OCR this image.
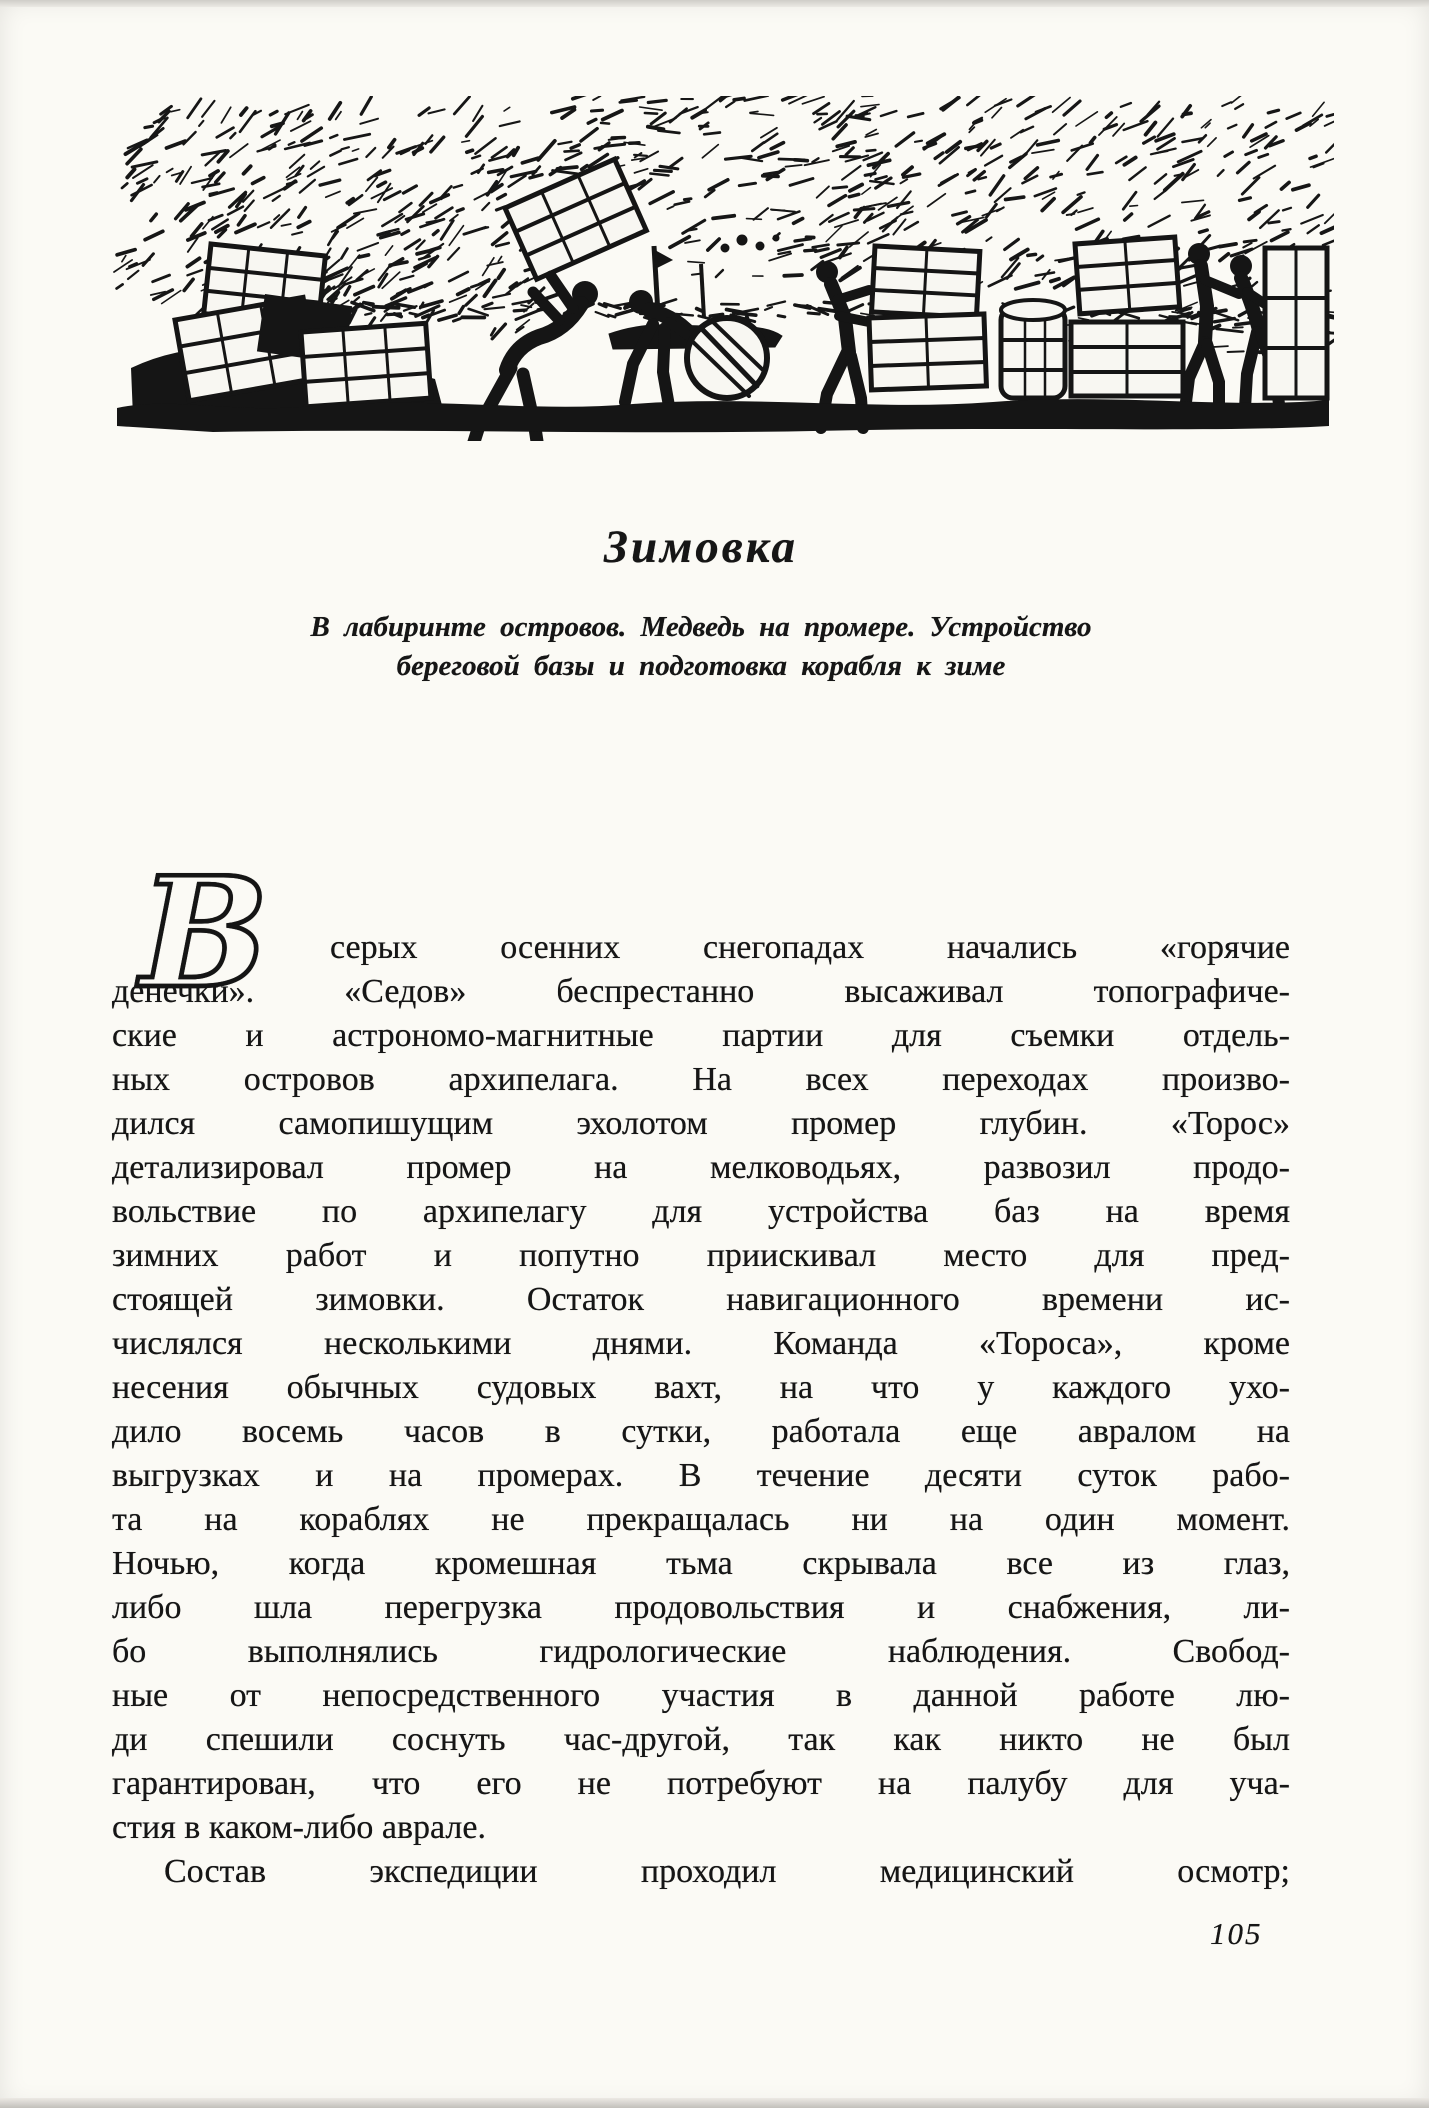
Зимовка
В лабиринте островов. Медведь на промере. Устройство
береговой базы и подготовка корабля к зиме
В серых осенних снегопадах начались «горячие
денечки». «Седов» беспрестанно высаживал топографиче-
ские и астрономо-магнитные партии для съемки отдель-
ных островов архипелага. На всех переходах произво-
дился самопишущим эхолотом промер глубин. «Торос»
детализировал промер на мелководьях, развозил продо-
вольствие по архипелагу для устройства баз на время
зимних работ и попутно приискивал место для пред-
стоящей зимовки. Остаток навигационного времени ис-
числялся несколькими днями. Команда «Тороса», кроме
несения обычных судовых вахт, на что у каждого ухо-
дило восемь часов в сутки, работала еще авралом на
выгрузках и на промерах. В течение десяти суток рабо-
та на кораблях не прекращалась ни на один момент.
Ночью, когда кромешная тьма скрывала все из глаз,
либо шла перегрузка продовольствия и снабжения, ли-
бо выполнялись гидрологические наблюдения. Свобод-
ные от непосредственного участия в данной работе лю-
ди спешили соснуть час-другой, так как никто не был
гарантирован, что его не потребуют на палубу для уча-
стия в каком-либо аврале.
Состав экспедиции проходил медицинский осмотр;
105
